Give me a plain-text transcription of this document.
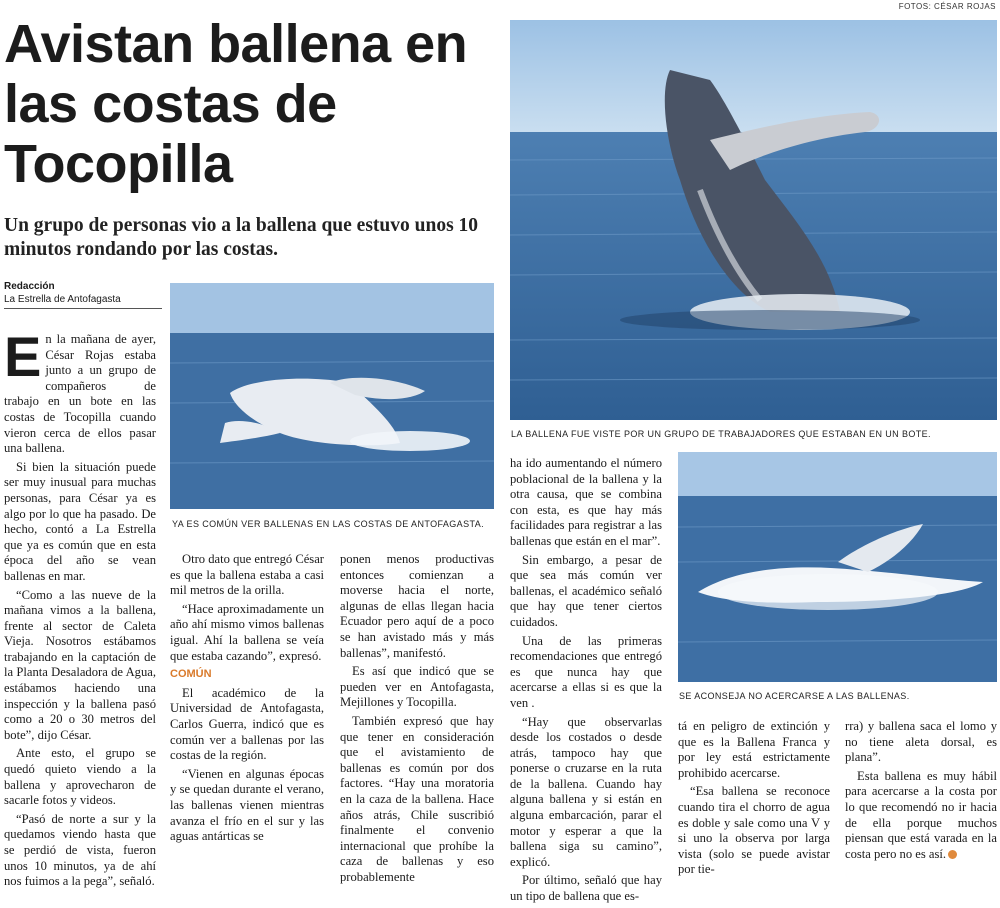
FOTOS: CÉSAR ROJAS
Avistan ballena en las costas de Tocopilla
Un grupo de personas vio a la ballena que estuvo unos 10 minutos rondando por las costas.
Redacción
La Estrella de Antofagasta
LA BALLENA FUE VISTE POR UN GRUPO DE TRABAJADORES QUE ESTABAN EN UN BOTE.
YA ES COMÚN VER BALLENAS EN LAS COSTAS DE ANTOFAGASTA.
SE ACONSEJA NO ACERCARSE A LAS BALLENAS.
E n la mañana de ayer, César Rojas estaba junto a un grupo de compañeros de trabajo en un bote en las costas de Tocopilla cuando vieron cerca de ellos pasar una ballena.

Si bien la situación puede ser muy inusual para muchas personas, para César ya es algo por lo que ha pasado. De hecho, contó a La Estrella que ya es común que en esta época del año se vean ballenas en mar.

“Como a las nueve de la mañana vimos a la ballena, frente al sector de Caleta Vieja. Nosotros estábamos trabajando en la captación de la Planta Desaladora de Agua, estábamos haciendo una inspección y la ballena pasó como a 20 o 30 metros del bote”, dijo César.

Ante esto, el grupo se quedó quieto viendo a la ballena y aprovecharon de sacarle fotos y videos.

“Pasó de norte a sur y la quedamos viendo hasta que se perdió de vista, fueron unos 10 minutos, ya de ahí nos fuimos a la pega”, señaló.

Otro dato que entregó César es que la ballena estaba a casi mil metros de la orilla.

“Hace aproximadamente un año ahí mismo vimos ballenas igual. Ahí la ballena se veía que estaba cazando”, expresó.

COMÚN

El académico de la Universidad de Antofagasta, Carlos Guerra, indicó que es común ver a ballenas por las costas de la región.

“Vienen en algunas épocas y se quedan durante el verano, las ballenas vienen mientras avanza el frío en el sur y las aguas antárticas se

ponen menos productivas entonces comienzan a moverse hacia el norte, algunas de ellas llegan hacia Ecuador pero aquí de a poco se han avistado más y más ballenas”, manifestó.

Es así que indicó que se pueden ver en Antofagasta, Mejillones y Tocopilla.

También expresó que hay que tener en consideración que el avistamiento de ballenas es común por dos factores. “Hay una moratoria en la caza de la ballena. Hace años atrás, Chile suscribió finalmente el convenio internacional que prohíbe la caza de ballenas y eso probablemente

ha ido aumentando el número poblacional de la ballena y la otra causa, que se combina con esta, es que hay más facilidades para registrar a las ballenas que están en el mar”.

Sin embargo, a pesar de que sea más común ver ballenas, el académico señaló que hay que tener ciertos cuidados.

Una de las primeras recomendaciones que entregó es que nunca hay que acercarse a ellas si es que la ven .

“Hay que observarlas desde los costados o desde atrás, tampoco hay que ponerse o cruzarse en la ruta de la ballena. Cuando hay alguna ballena y si están en alguna embarcación, parar el motor y esperar a que la ballena siga su camino”, explicó.

Por último, señaló que hay un tipo de ballena que es-

tá en peligro de extinción y que es la Ballena Franca y por ley está estrictamente prohibido acercarse.

“Esa ballena se reconoce cuando tira el chorro de agua es doble y sale como una V y si uno la observa por larga vista (solo se puede avistar por tie-

rra) y ballena saca el lomo y no tiene aleta dorsal, es plana”.

Esta ballena es muy hábil para acercarse a la costa por lo que recomendó no ir hacia de ella porque muchos piensan que está varada en la costa pero no es así.
